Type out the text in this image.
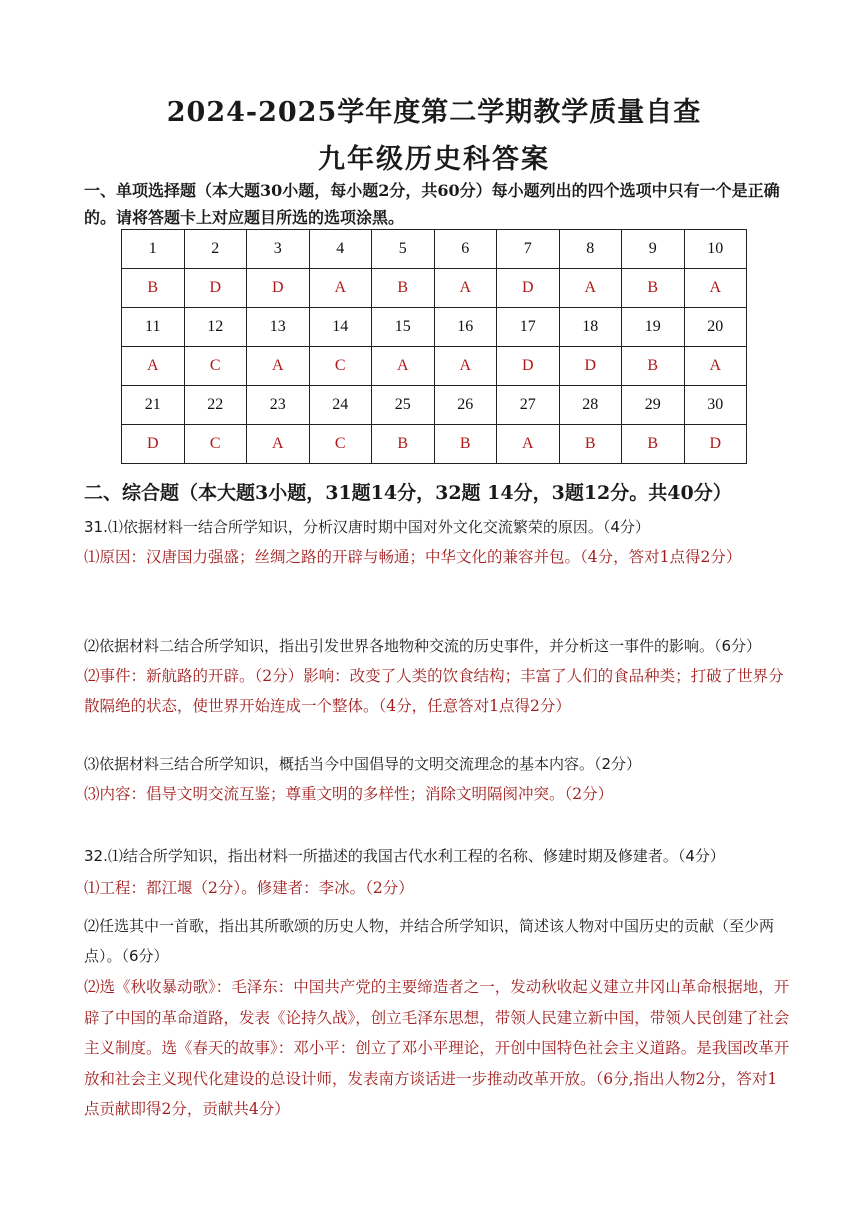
2024-2025学年度第二学期教学质量自查
九年级历史科答案
一、单项选择题（本大题30小题，每小题2分，共60分）每小题列出的四个选项中只有一个是正确的。请将答题卡上对应题目所选的选项涂黑。
1	2	3	4	5	6	7	8	9	10
B	D	D	A	B	A	D	A	B	A
11	12	13	14	15	16	17	18	19	20
A	C	A	C	A	A	D	D	B	A
21	22	23	24	25	26	27	28	29	30
D	C	A	C	B	B	A	B	B	D
二、综合题（本大题3小题，31题14分，32题 14分，3题12分。共40分）
31.⑴依据材料一结合所学知识，分析汉唐时期中国对外文化交流繁荣的原因。（4分）
⑴原因：汉唐国力强盛；丝绸之路的开辟与畅通；中华文化的兼容并包。（4分，答对1点得2分）
⑵依据材料二结合所学知识，指出引发世界各地物种交流的历史事件，并分析这一事件的影响。（6分）
⑵事件：新航路的开辟。（2分）影响：改变了人类的饮食结构；丰富了人们的食品种类；打破了世界分散隔绝的状态，使世界开始连成一个整体。（4分，任意答对1点得2分）
⑶依据材料三结合所学知识，概括当今中国倡导的文明交流理念的基本内容。（2分）
⑶内容：倡导文明交流互鉴；尊重文明的多样性；消除文明隔阂冲突。（2分）
32.⑴结合所学知识，指出材料一所描述的我国古代水利工程的名称、修建时期及修建者。（4分）
⑴工程：都江堰（2分）。修建者：李冰。（2分）
⑵任选其中一首歌，指出其所歌颂的历史人物，并结合所学知识，简述该人物对中国历史的贡献（至少两点）。（6分）
⑵选《秋收暴动歌》：毛泽东：中国共产党的主要缔造者之一，发动秋收起义建立井冈山革命根据地，开辟了中国的革命道路，发表《论持久战》，创立毛泽东思想，带领人民建立新中国，带领人民创建了社会主义制度。选《春天的故事》：邓小平：创立了邓小平理论，开创中国特色社会主义道路。是我国改革开放和社会主义现代化建设的总设计师，发表南方谈话进一步推动改革开放。（6分,指出人物2分，答对1点贡献即得2分，贡献共4分）
